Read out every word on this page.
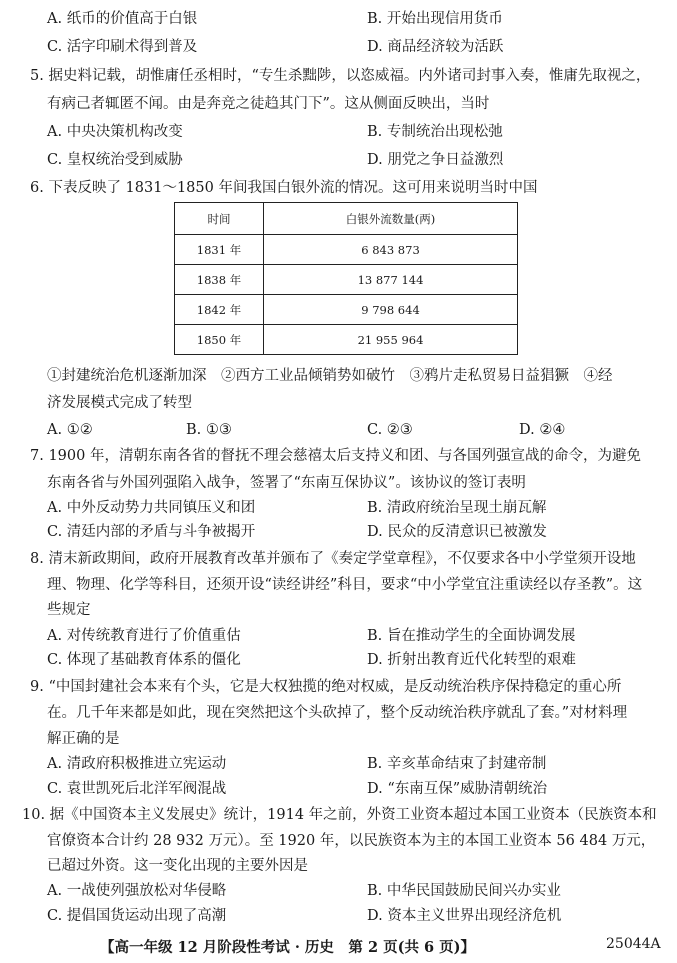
A. 纸币的价值高于白银	B. 开始出现信用货币
C. 活字印刷术得到普及	D. 商品经济较为活跃
5. 据史料记载，胡惟庸任丞相时，“专生杀黜陟，以恣威福。内外诸司封事入奏，惟庸先取视之，
有病己者辄匿不闻。由是奔竞之徒趋其门下”。这从侧面反映出，当时
A. 中央决策机构改变	B. 专制统治出现松弛
C. 皇权统治受到威胁	D. 朋党之争日益激烈
6. 下表反映了 1831～1850 年间我国白银外流的情况。这可用来说明当时中国
时间	白银外流数量(两)
1831 年	6 843 873
1838 年	13 877 144
1842 年	9 798 644
1850 年	21 955 964
①封建统治危机逐渐加深　②西方工业品倾销势如破竹　③鸦片走私贸易日益猖獗　④经
济发展模式完成了转型
A. ①②	B. ①③	C. ②③	D. ②④
7. 1900 年，清朝东南各省的督抚不理会慈禧太后支持义和团、与各国列强宣战的命令，为避免
东南各省与外国列强陷入战争，签署了“东南互保协议”。该协议的签订表明
A. 中外反动势力共同镇压义和团	B. 清政府统治呈现土崩瓦解
C. 清廷内部的矛盾与斗争被揭开	D. 民众的反清意识已被激发
8. 清末新政期间，政府开展教育改革并颁布了《奏定学堂章程》，不仅要求各中小学堂须开设地
理、物理、化学等科目，还须开设“读经讲经”科目，要求“中小学堂宜注重读经以存圣教”。这
些规定
A. 对传统教育进行了价值重估	B. 旨在推动学生的全面协调发展
C. 体现了基础教育体系的僵化	D. 折射出教育近代化转型的艰难
9. “中国封建社会本来有个头，它是大权独揽的绝对权威，是反动统治秩序保持稳定的重心所
在。几千年来都是如此，现在突然把这个头砍掉了，整个反动统治秩序就乱了套。”对材料理
解正确的是
A. 清政府积极推进立宪运动	B. 辛亥革命结束了封建帝制
C. 袁世凯死后北洋军阀混战	D. “东南互保”威胁清朝统治
10. 据《中国资本主义发展史》统计，1914 年之前，外资工业资本超过本国工业资本（民族资本和
官僚资本合计约 28 932 万元）。至 1920 年，以民族资本为主的本国工业资本 56 484 万元，
已超过外资。这一变化出现的主要外因是
A. 一战使列强放松对华侵略	B. 中华民国鼓励民间兴办实业
C. 提倡国货运动出现了高潮	D. 资本主义世界出现经济危机
【高一年级 12 月阶段性考试 · 历史　第 2 页(共 6 页)】	25044A
